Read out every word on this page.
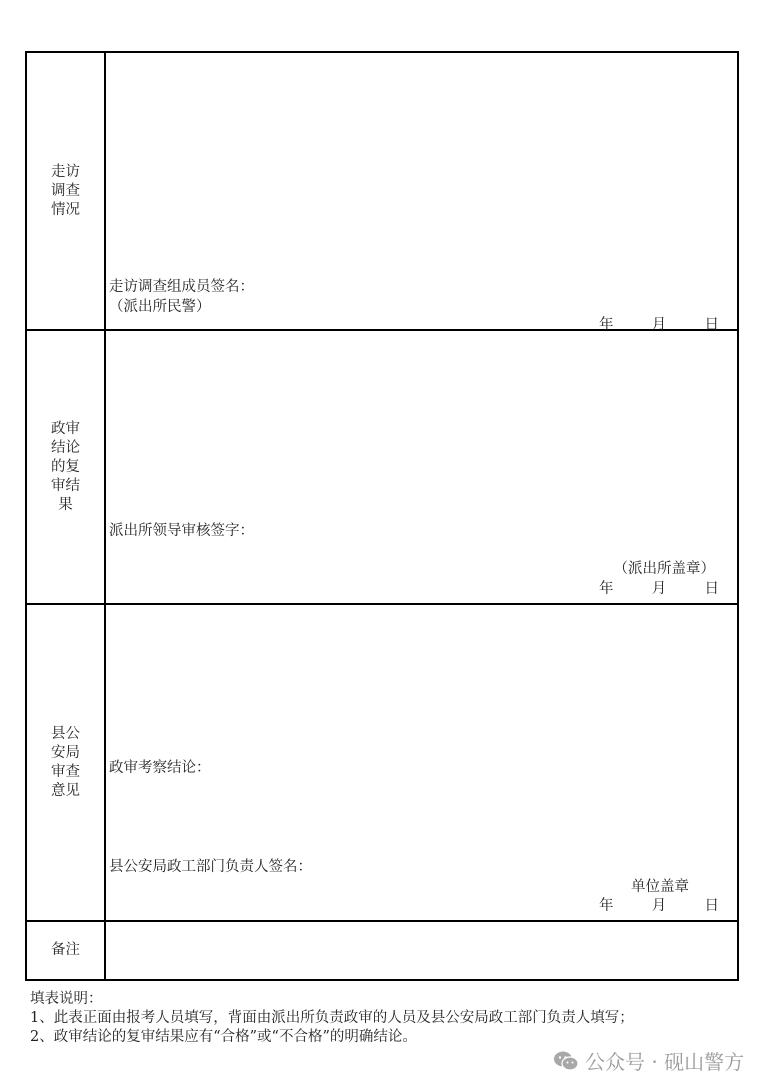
走访调查情况
走访调查组成员签名：
（派出所民警）
年	月	日
政审结论的复审结果
派出所领导审核签字：
（派出所盖章）
年	月	日
县公安局审查意见
政审考察结论：
县公安局政工部门负责人签名：
单位盖章
年	月	日
备注
填表说明：
1、此表正面由报考人员填写，背面由派出所负责政审的人员及县公安局政工部门负责人填写；
2、政审结论的复审结果应有“合格”或“不合格”的明确结论。
公众号 · 砚山警方
